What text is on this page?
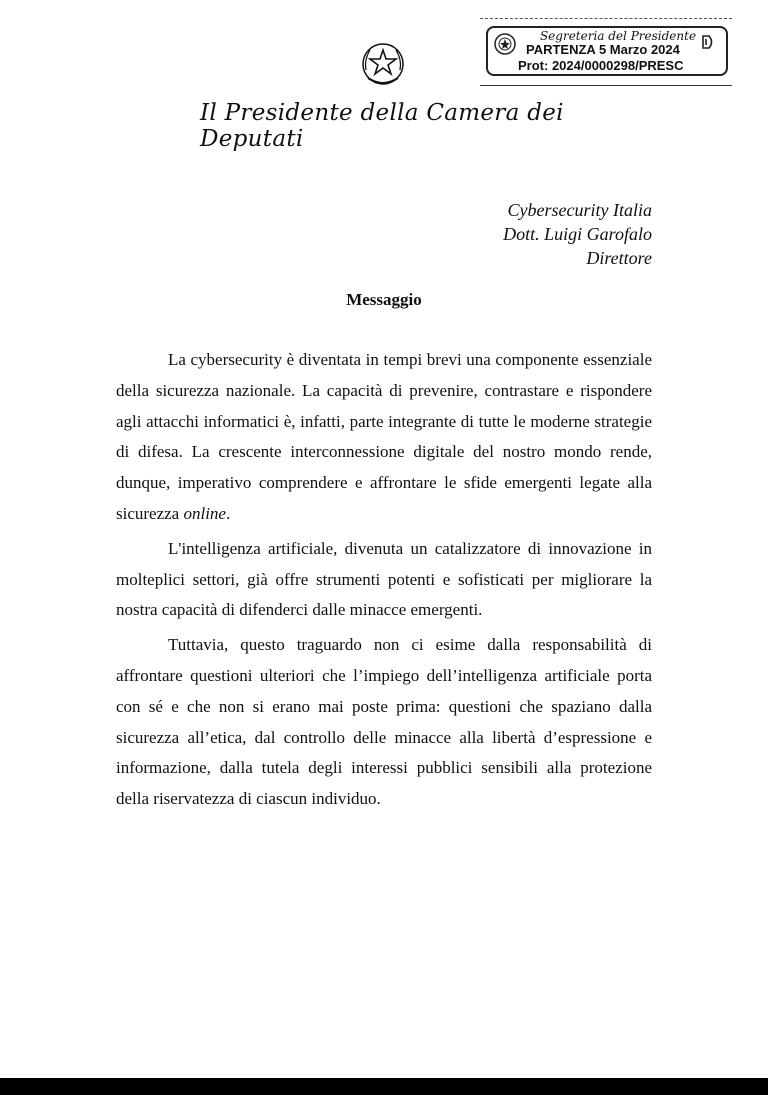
Segreteria del Presidente
PARTENZA 5 Marzo 2024
Prot: 2024/0000298/PRESC
Il Presidente della Camera dei Deputati
Cybersecurity Italia
Dott. Luigi Garofalo
Direttore
Messaggio

La cybersecurity è diventata in tempi brevi una componente essenziale della sicurezza nazionale. La capacità di prevenire, contrastare e rispondere agli attacchi informatici è, infatti, parte integrante di tutte le moderne strategie di difesa. La crescente interconnessione digitale del nostro mondo rende, dunque, imperativo comprendere e affrontare le sfide emergenti legate alla sicurezza online.

L'intelligenza artificiale, divenuta un catalizzatore di innovazione in molteplici settori, già offre strumenti potenti e sofisticati per migliorare la nostra capacità di difenderci dalle minacce emergenti.

Tuttavia, questo traguardo non ci esime dalla responsabilità di affrontare questioni ulteriori che l’impiego dell’intelligenza artificiale porta con sé e che non si erano mai poste prima: questioni che spaziano dalla sicurezza all’etica, dal controllo delle minacce alla libertà d’espressione e informazione, dalla tutela degli interessi pubblici sensibili alla protezione della riservatezza di ciascun individuo.
